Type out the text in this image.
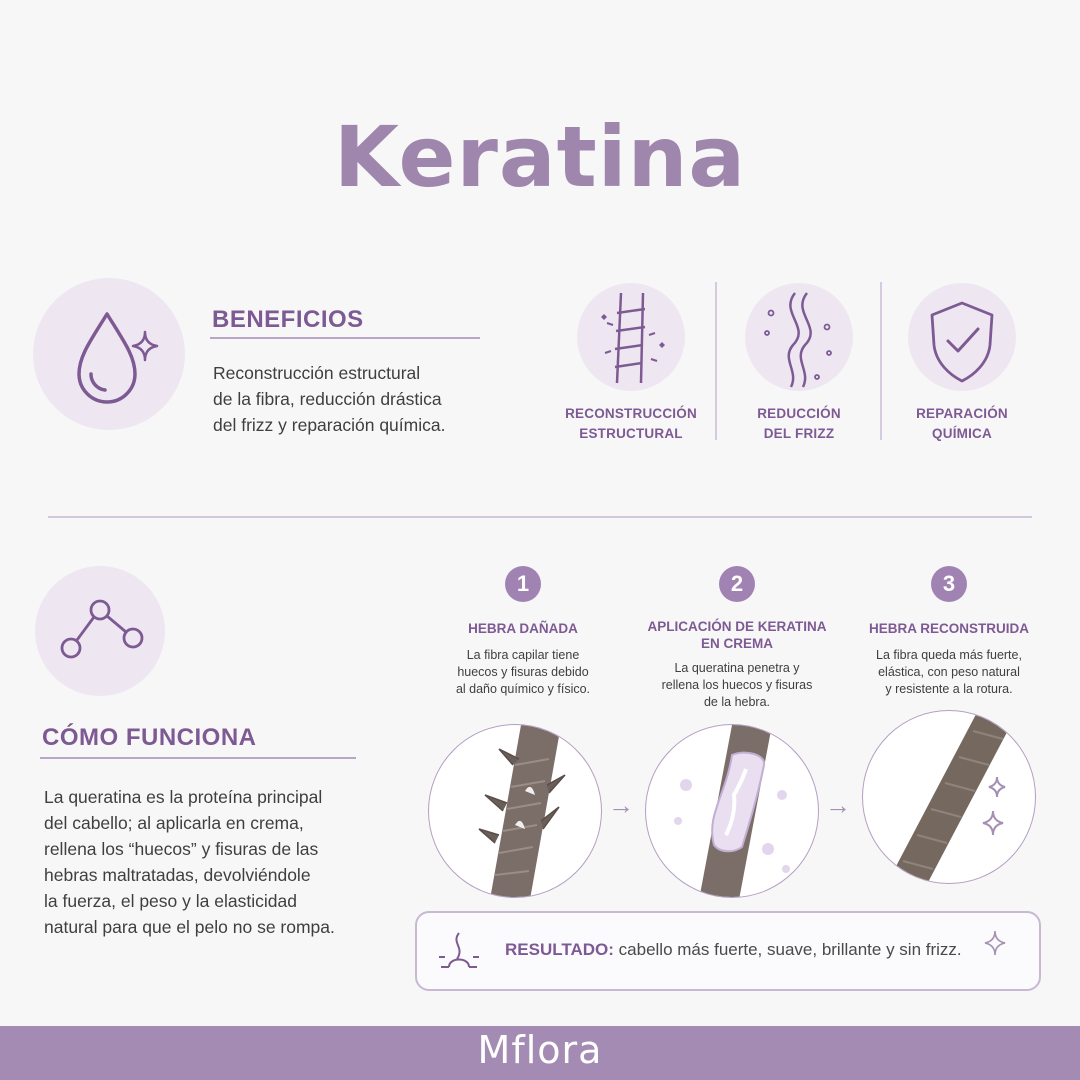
Keratina
BENEFICIOS
Reconstrucción estructural
de la fibra, reducción drástica
del frizz y reparación química.
RECONSTRUCCIÓN
ESTRUCTURAL
REDUCCIÓN
DEL FRIZZ
REPARACIÓN
QUÍMICA
CÓMO FUNCIONA
La queratina es la proteína principal
del cabello; al aplicarla en crema,
rellena los “huecos” y fisuras de las
hebras maltratadas, devolviéndole
la fuerza, el peso y la elasticidad
natural para que el pelo no se rompa.
1
HEBRA DAÑADA
La fibra capilar tiene
huecos y fisuras debido
al daño químico y físico.
2
APLICACIÓN DE KERATINA
EN CREMA
La queratina penetra y
rellena los huecos y fisuras
de la hebra.
3
HEBRA RECONSTRUIDA
La fibra queda más fuerte,
elástica, con peso natural
y resistente a la rotura.
→	→
RESULTADO: cabello más fuerte, suave, brillante y sin frizz.
Mflora
